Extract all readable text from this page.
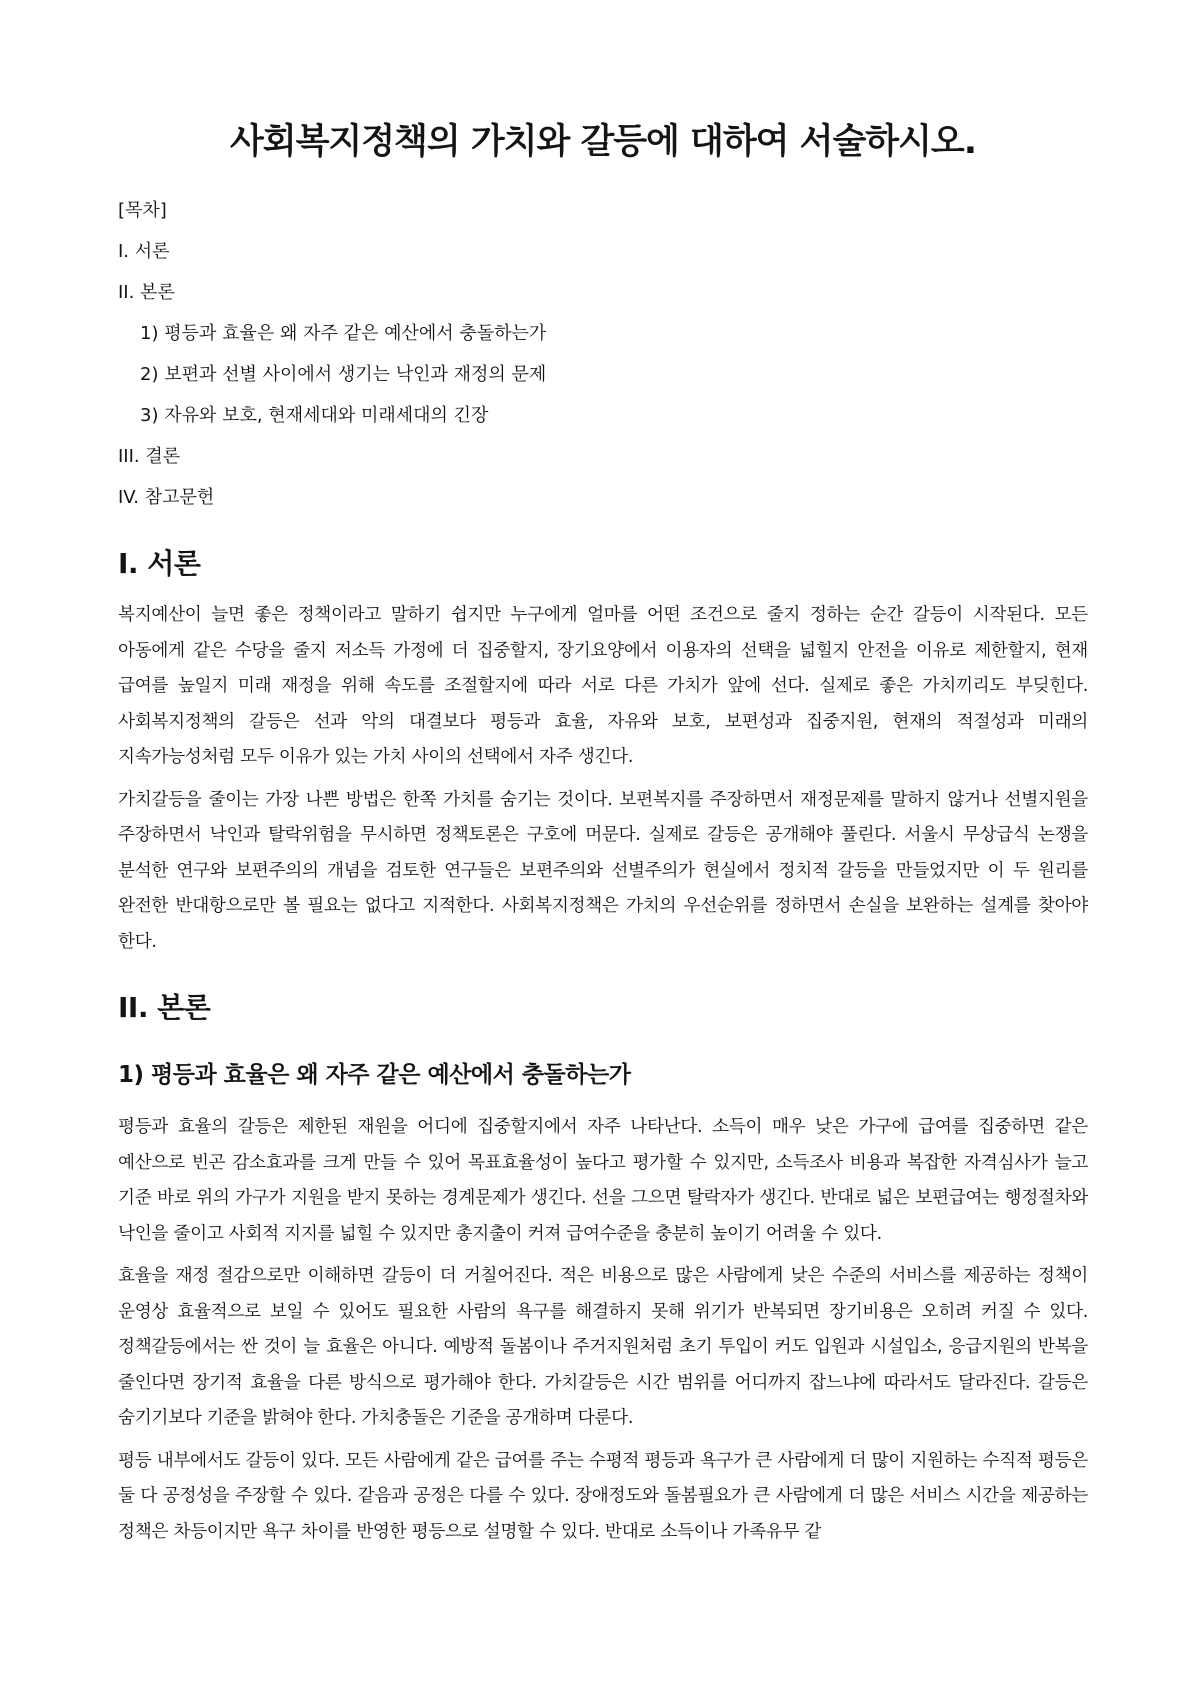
사회복지정책의 가치와 갈등에 대하여 서술하시오.
[목차]
I. 서론
II. 본론
1) 평등과 효율은 왜 자주 같은 예산에서 충돌하는가
2) 보편과 선별 사이에서 생기는 낙인과 재정의 문제
3) 자유와 보호, 현재세대와 미래세대의 긴장
III. 결론
IV. 참고문헌
I. 서론

복지예산이 늘면 좋은 정책이라고 말하기 쉽지만 누구에게 얼마를 어떤 조건으로 줄지 정하는 순간 갈등이 시작된다. 모든 아동에게 같은 수당을 줄지 저소득 가정에 더 집중할지, 장기요양에서 이용자의 선택을 넓힐지 안전을 이유로 제한할지, 현재 급여를 높일지 미래 재정을 위해 속도를 조절할지에 따라 서로 다른 가치가 앞에 선다. 실제로 좋은 가치끼리도 부딪힌다. 사회복지정책의 갈등은 선과 악의 대결보다 평등과 효율, 자유와 보호, 보편성과 집중지원, 현재의 적절성과 미래의 지속가능성처럼 모두 이유가 있는 가치 사이의 선택에서 자주 생긴다.

가치갈등을 줄이는 가장 나쁜 방법은 한쪽 가치를 숨기는 것이다. 보편복지를 주장하면서 재정문제를 말하지 않거나 선별지원을 주장하면서 낙인과 탈락위험을 무시하면 정책토론은 구호에 머문다. 실제로 갈등은 공개해야 풀린다. 서울시 무상급식 논쟁을 분석한 연구와 보편주의의 개념을 검토한 연구들은 보편주의와 선별주의가 현실에서 정치적 갈등을 만들었지만 이 두 원리를 완전한 반대항으로만 볼 필요는 없다고 지적한다. 사회복지정책은 가치의 우선순위를 정하면서 손실을 보완하는 설계를 찾아야 한다.

II. 본론
1) 평등과 효율은 왜 자주 같은 예산에서 충돌하는가

평등과 효율의 갈등은 제한된 재원을 어디에 집중할지에서 자주 나타난다. 소득이 매우 낮은 가구에 급여를 집중하면 같은 예산으로 빈곤 감소효과를 크게 만들 수 있어 목표효율성이 높다고 평가할 수 있지만, 소득조사 비용과 복잡한 자격심사가 늘고 기준 바로 위의 가구가 지원을 받지 못하는 경계문제가 생긴다. 선을 그으면 탈락자가 생긴다. 반대로 넓은 보편급여는 행정절차와 낙인을 줄이고 사회적 지지를 넓힐 수 있지만 총지출이 커져 급여수준을 충분히 높이기 어려울 수 있다.

효율을 재정 절감으로만 이해하면 갈등이 더 거칠어진다. 적은 비용으로 많은 사람에게 낮은 수준의 서비스를 제공하는 정책이 운영상 효율적으로 보일 수 있어도 필요한 사람의 욕구를 해결하지 못해 위기가 반복되면 장기비용은 오히려 커질 수 있다. 정책갈등에서는 싼 것이 늘 효율은 아니다. 예방적 돌봄이나 주거지원처럼 초기 투입이 커도 입원과 시설입소, 응급지원의 반복을 줄인다면 장기적 효율을 다른 방식으로 평가해야 한다. 가치갈등은 시간 범위를 어디까지 잡느냐에 따라서도 달라진다. 갈등은 숨기기보다 기준을 밝혀야 한다. 가치충돌은 기준을 공개하며 다룬다.

평등 내부에서도 갈등이 있다. 모든 사람에게 같은 급여를 주는 수평적 평등과 욕구가 큰 사람에게 더 많이 지원하는 수직적 평등은 둘 다 공정성을 주장할 수 있다. 같음과 공정은 다를 수 있다. 장애정도와 돌봄필요가 큰 사람에게 더 많은 서비스 시간을 제공하는 정책은 차등이지만 욕구 차이를 반영한 평등으로 설명할 수 있다. 반대로 소득이나 가족유무 같
